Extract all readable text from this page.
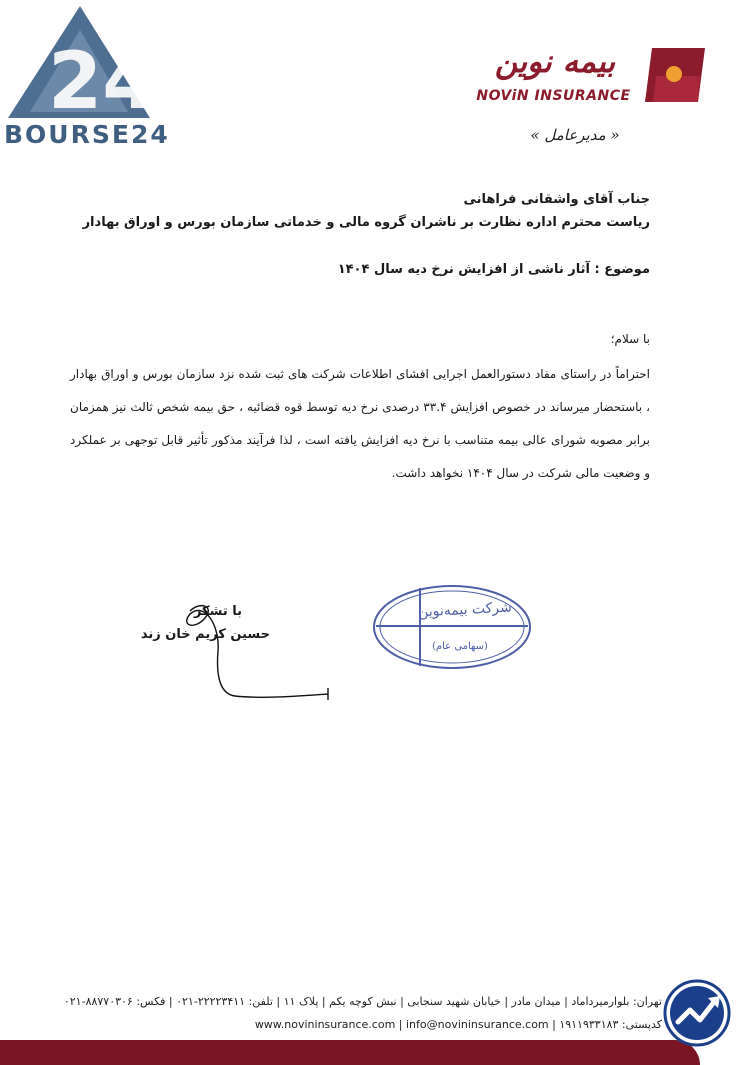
24
BOURSE24
بیمه نوین
NOViN INSURANCE
« مدیرعامل »
جناب آقای واشقانی فراهانی
ریاست محترم اداره نظارت بر ناشران گروه مالی و خدماتی سازمان بورس و اوراق بهادار
موضوع : آثار ناشی از افزایش نرخ دیه سال ۱۴۰۴
با سلام؛
احتراماً در راستای مفاد دستورالعمل اجرایی افشای اطلاعات شرکت های ثبت شده نزد سازمان بورس و اوراق بهادار ، باستحضار میرساند در خصوص افزایش ۳۳.۴ درصدی نرخ دیه توسط قوه قضائیه ، حق بیمه شخص ثالث نیز همزمان برابر مصوبه شورای عالی بیمه متناسب با نرخ دیه افزایش یافته است ، لذا فرآیند مذکور تأثیر قابل توجهی بر عملکرد و وضعیت مالی شرکت در سال ۱۴۰۴ نخواهد داشت.
با تشکر
حسین کریم خان زند
شرکت بیمه‌نوین
(سهامی عام)
تهران: بلوارمیرداماد | میدان مادر | خیابان شهید سنجابی | نبش کوچه یکم | پلاک ۱۱ | تلفن: ۲۲۲۲۳۴۱۱-۰۲۱ | فکس: ۸۸۷۷۰۳۰۶-۰۲۱
www.novininsurance.com | info@novininsurance.com | ۱۹۱۱۹۳۳۱۸۳ :کدپستی
